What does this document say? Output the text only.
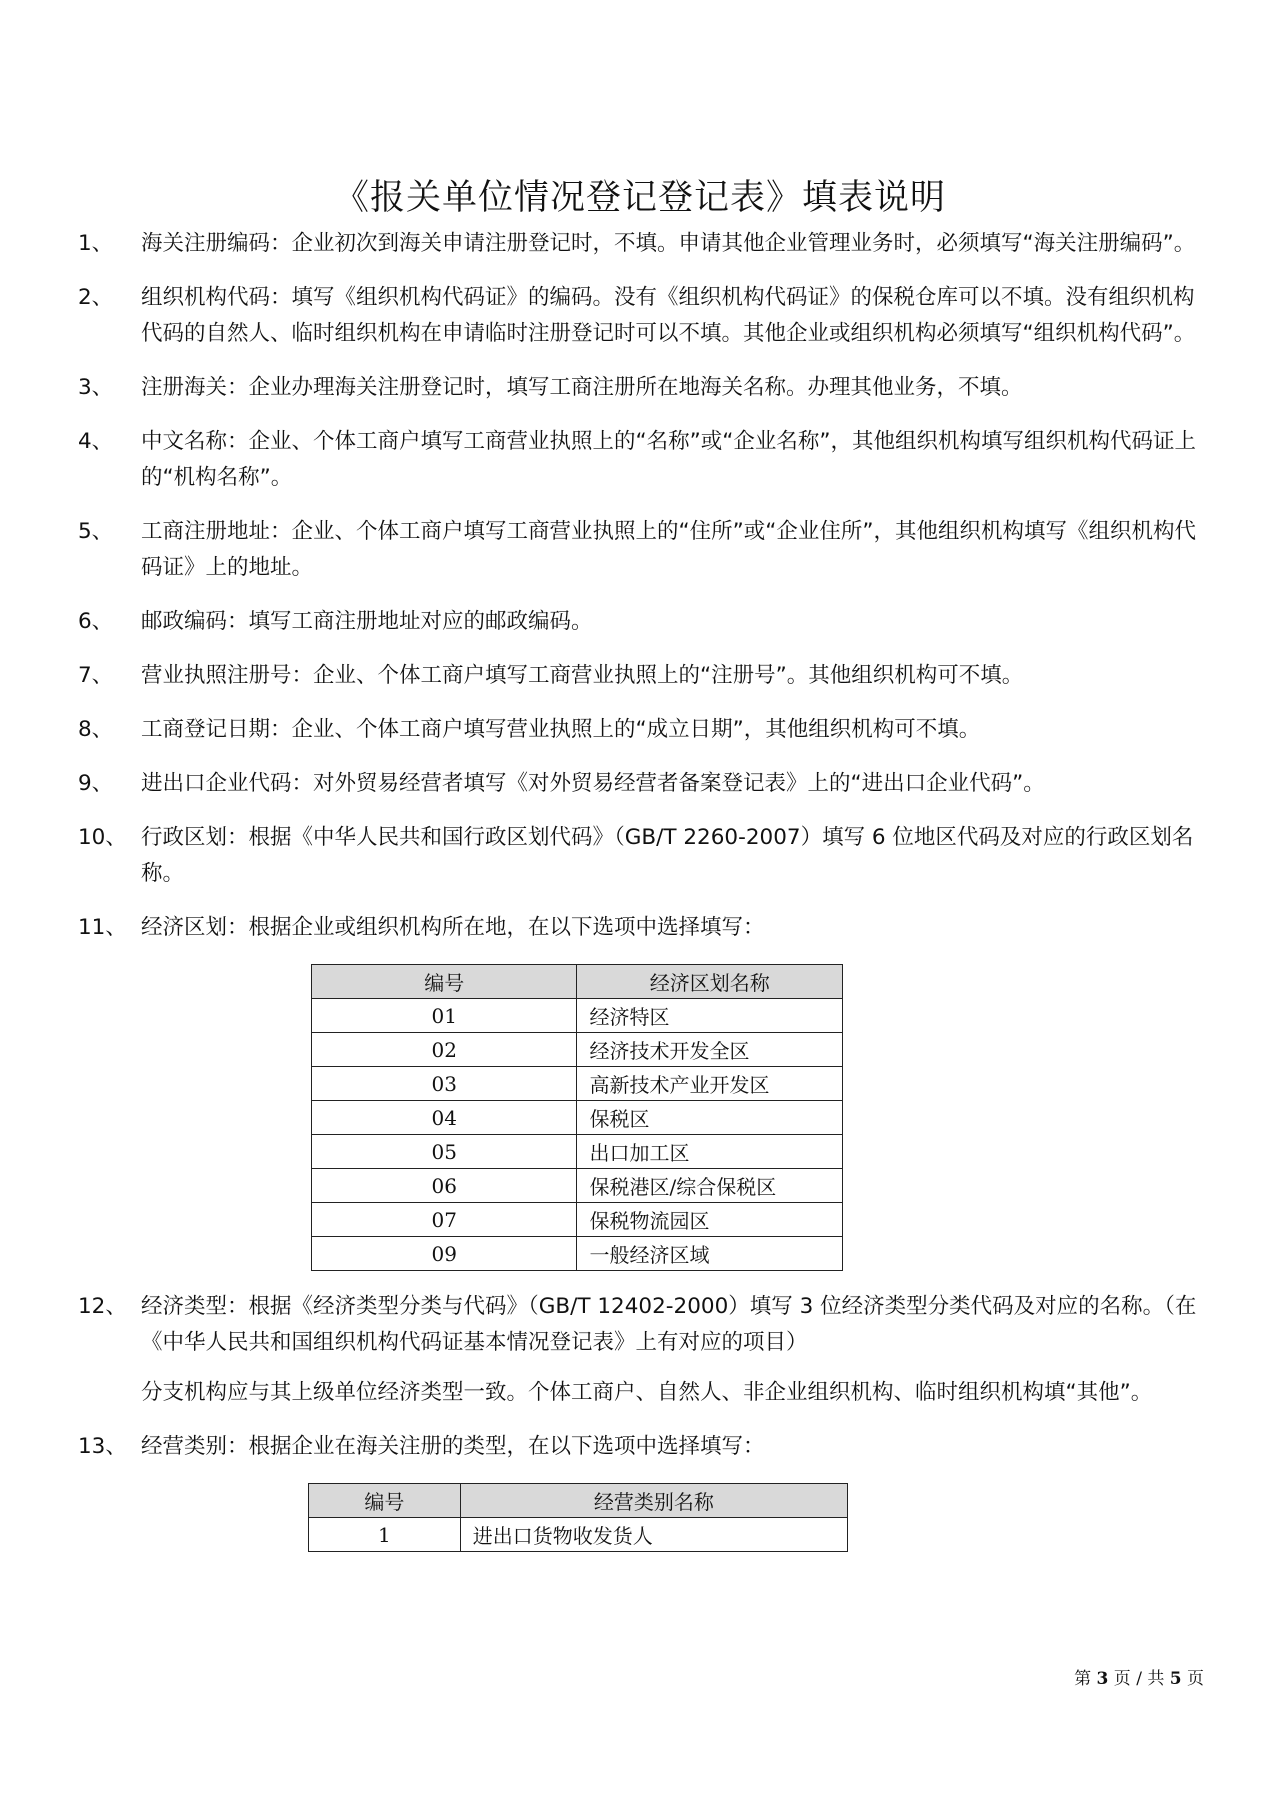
《报关单位情况登记登记表》填表说明
1、	海关注册编码：企业初次到海关申请注册登记时，不填。申请其他企业管理业务时，必须填写“海关注册编码”。

2、	组织机构代码：填写《组织机构代码证》的编码。没有《组织机构代码证》的保税仓库可以不填。没有组织机构代码的自然人、临时组织机构在申请临时注册登记时可以不填。其他企业或组织机构必须填写“组织机构代码”。

3、	注册海关：企业办理海关注册登记时，填写工商注册所在地海关名称。办理其他业务，不填。

4、	中文名称：企业、个体工商户填写工商营业执照上的“名称”或“企业名称”，其他组织机构填写组织机构代码证上的“机构名称”。

5、	工商注册地址：企业、个体工商户填写工商营业执照上的“住所”或“企业住所”，其他组织机构填写《组织机构代码证》上的地址。

6、	邮政编码：填写工商注册地址对应的邮政编码。

7、	营业执照注册号：企业、个体工商户填写工商营业执照上的“注册号”。其他组织机构可不填。

8、	工商登记日期：企业、个体工商户填写营业执照上的“成立日期”，其他组织机构可不填。

9、	进出口企业代码：对外贸易经营者填写《对外贸易经营者备案登记表》上的“进出口企业代码”。

10、 行政区划：根据《中华人民共和国行政区划代码》（GB/T 2260-2007）填写 6 位地区代码及对应的行政区划名称。

11、 经济区划：根据企业或组织机构所在地，在以下选项中选择填写：

编号	经济区划名称
01	经济特区
02	经济技术开发全区
03	高新技术产业开发区
04	保税区
05	出口加工区
06	保税港区/综合保税区
07	保税物流园区
09	一般经济区域
12、 经济类型：根据《经济类型分类与代码》（GB/T 12402-2000）填写 3 位经济类型分类代码及对应的名称。（在《中华人民共和国组织机构代码证基本情况登记表》上有对应的项目）

分支机构应与其上级单位经济类型一致。个体工商户、自然人、非企业组织机构、临时组织机构填“其他”。

13、 经营类别：根据企业在海关注册的类型，在以下选项中选择填写：

编号	经营类别名称
1	进出口货物收发货人
第 3 页 / 共 5 页
